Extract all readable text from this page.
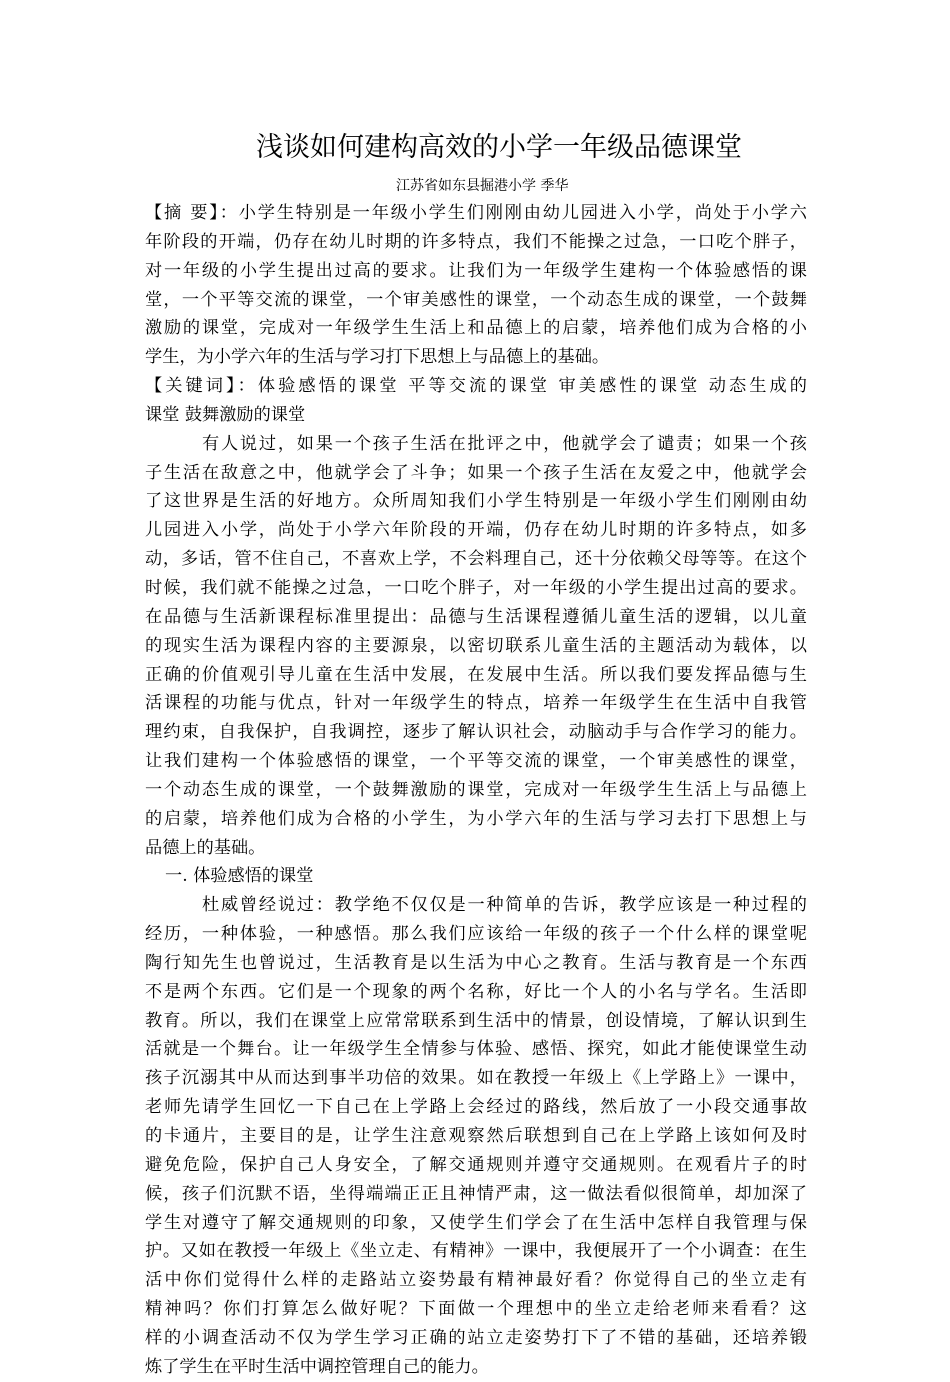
浅谈如何建构高效的小学一年级品德课堂
江苏省如东县掘港小学 季华
【摘 要】：小学生特别是一年级小学生们刚刚由幼儿园进入小学，尚处于小学六
年阶段的开端，仍存在幼儿时期的许多特点，我们不能操之过急，一口吃个胖子，
对一年级的小学生提出过高的要求。让我们为一年级学生建构一个体验感悟的课
堂，一个平等交流的课堂，一个审美感性的课堂，一个动态生成的课堂，一个鼓舞
激励的课堂，完成对一年级学生生活上和品德上的启蒙，培养他们成为合格的小
学生，为小学六年的生活与学习打下思想上与品德上的基础。
【关键词】：体验感悟的课堂 平等交流的课堂 审美感性的课堂 动态生成的
课堂 鼓舞激励的课堂
有人说过，如果一个孩子生活在批评之中，他就学会了谴责；如果一个孩
子生活在敌意之中，他就学会了斗争；如果一个孩子生活在友爱之中，他就学会
了这世界是生活的好地方。众所周知我们小学生特别是一年级小学生们刚刚由幼
儿园进入小学，尚处于小学六年阶段的开端，仍存在幼儿时期的许多特点，如多
动，多话，管不住自己，不喜欢上学，不会料理自己，还十分依赖父母等等。在这个
时候，我们就不能操之过急，一口吃个胖子，对一年级的小学生提出过高的要求。
在品德与生活新课程标准里提出：品德与生活课程遵循儿童生活的逻辑，以儿童
的现实生活为课程内容的主要源泉，以密切联系儿童生活的主题活动为载体，以
正确的价值观引导儿童在生活中发展，在发展中生活。所以我们要发挥品德与生
活课程的功能与优点，针对一年级学生的特点，培养一年级学生在生活中自我管
理约束，自我保护，自我调控，逐步了解认识社会，动脑动手与合作学习的能力。
让我们建构一个体验感悟的课堂，一个平等交流的课堂，一个审美感性的课堂，
一个动态生成的课堂，一个鼓舞激励的课堂，完成对一年级学生生活上与品德上
的启蒙，培养他们成为合格的小学生，为小学六年的生活与学习去打下思想上与
品德上的基础。
一. 体验感悟的课堂
杜威曾经说过：教学绝不仅仅是一种简单的告诉，教学应该是一种过程的
经历，一种体验，一种感悟。那么我们应该给一年级的孩子一个什么样的课堂呢
陶行知先生也曾说过，生活教育是以生活为中心之教育。生活与教育是一个东西
不是两个东西。它们是一个现象的两个名称，好比一个人的小名与学名。生活即
教育。所以，我们在课堂上应常常联系到生活中的情景，创设情境，了解认识到生
活就是一个舞台。让一年级学生全情参与体验、感悟、探究，如此才能使课堂生动
孩子沉溺其中从而达到事半功倍的效果。如在教授一年级上《上学路上》一课中，
老师先请学生回忆一下自己在上学路上会经过的路线，然后放了一小段交通事故
的卡通片，主要目的是，让学生注意观察然后联想到自己在上学路上该如何及时
避免危险，保护自己人身安全，了解交通规则并遵守交通规则。在观看片子的时
候，孩子们沉默不语，坐得端端正正且神情严肃，这一做法看似很简单，却加深了
学生对遵守了解交通规则的印象，又使学生们学会了在生活中怎样自我管理与保
护。又如在教授一年级上《坐立走、有精神》一课中，我便展开了一个小调查：在生
活中你们觉得什么样的走路站立姿势最有精神最好看？你觉得自己的坐立走有
精神吗？你们打算怎么做好呢？下面做一个理想中的坐立走给老师来看看？这
样的小调查活动不仅为学生学习正确的站立走姿势打下了不错的基础，还培养锻
炼了学生在平时生活中调控管理自己的能力。
